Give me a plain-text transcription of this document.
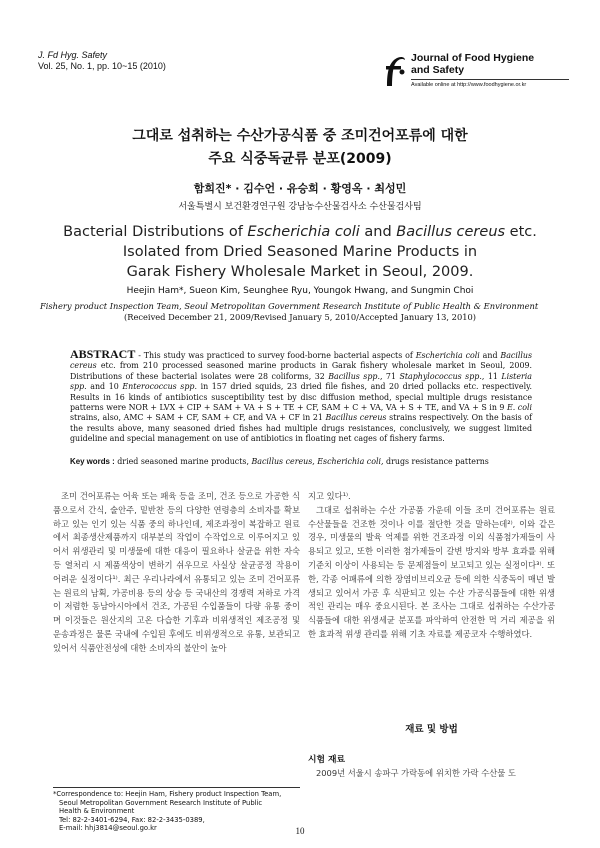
J. Fd Hyg. Safety
Vol. 25, No. 1, pp. 10~15 (2010)
Journal of Food Hygiene
and Safety
Available online at http://www.foodhygiene.or.kr
그대로 섭취하는 수산가공식품 중 조미건어포류에 대한
주요 식중독균류 분포(2009)
함희진* · 김수언 · 유승희 · 황영옥 · 최성민
서울특별시 보건환경연구원 강남농수산물검사소 수산물검사팀
Bacterial Distributions of Escherichia coli and Bacillus cereus etc.
Isolated from Dried Seasoned Marine Products in
Garak Fishery Wholesale Market in Seoul, 2009.
Heejin Ham*, Sueon Kim, Seunghee Ryu, Youngok Hwang, and Sungmin Choi
Fishery product Inspection Team, Seoul Metropolitan Government Research Institute of Public Health & Environment
(Received December 21, 2009/Revised January 5, 2010/Accepted January 13, 2010)
ABSTRACT - This study was practiced to survey food-borne bacterial aspects of Escherichia coli and Bacillus cereus etc. from 210 processed seasoned marine products in Garak fishery wholesale market in Seoul, 2009. Distributions of these bacterial isolates were 28 coliforms, 32 Bacillus spp., 71 Staphylococcus spp., 11 Listeria spp. and 10 Enterococcus spp. in 157 dried squids, 23 dried file fishes, and 20 dried pollacks etc. respectively. Results in 16 kinds of antibiotics susceptibility test by disc diffusion method, special multiple drugs resistance patterns were NOR + LVX + CIP + SAM + VA + S + TE + CF, SAM + C + VA, VA + S + TE, and VA + S in 9 E. coli strains, also, AMC + SAM + CF, SAM + CF, and VA + CF in 21 Bacillus cereus strains respectively. On the basis of the results above, many seasoned dried fishes had multiple drugs resistances, conclusively, we suggest limited guideline and special management on use of antibiotics in floating net cages of fishery farms.
Key words : dried seasoned marine products, Bacillus cereus, Escherichia coli, drugs resistance patterns

조미 건어포류는 어육 또는 패육 등을 조미, 건조 등으로 가공한 식품으로서 간식, 술안주, 밑반찬 등의 다양한 연령층의 소비자를 확보하고 있는 인기 있는 식품 중의 하나인데, 제조과정이 복잡하고 원료에서 최종생산제품까지 대부분의 작업이 수작업으로 이루어지고 있어서 위생관리 및 미생물에 대한 대응이 필요하나 살균을 위한 자숙 등 열처리 시 제품색상이 변하기 쉬우므로 사실상 살균공정 작용이 어려운 실정이다¹⁾. 최근 우리나라에서 유통되고 있는 조미 건어포류는 원료의 남획, 가공비용 등의 상승 등 국내산의 경쟁력 저하로 가격이 저렴한 동남아시아에서 건조, 가공된 수입품들이 다량 유통 중이며 이것들은 원산지의 고온 다습한 기후과 비위생적인 제조공정 및 운송과정은 물론 국내에 수입된 후에도 비위생적으로 유통, 보관되고 있어서 식품안전성에 대한 소비자의 불안이 높아

지고 있다¹⁾.

그대로 섭취하는 수산 가공품 가운데 이들 조미 건어포류는 원료 수산물들을 건조한 것이나 이를 절단한 것을 말하는데²⁾, 이와 같은 경우, 미생물의 발육 억제를 위한 건조과정 이외 식품첨가제들이 사용되고 있고, 또한 이러한 첨가제들이 갈변 방지와 방부 효과를 위해 기준치 이상이 사용되는 등 문제점들이 보고되고 있는 실정이다³⁾. 또한, 각종 어패류에 의한 장염비브리오균 등에 의한 식중독이 매년 발생되고 있어서 가공 후 식판되고 있는 수산 가공식품들에 대한 위생적인 관리는 매우 중요시된다. 본 조사는 그대로 섭취하는 수산가공식품들에 대한 위생세균 분포를 파악하여 안전한 먹 거리 제공을 위한 효과적 위생 관리를 위해 기초 자료를 제공코자 수행하였다.

재료 및 방법
시험 재료
2009년 서울시 송파구 가락동에 위치한 가락 수산물 도
*Correspondence to: Heejin Ham, Fishery product Inspection Team,
Seoul Metropolitan Government Research Institute of Public
Health & Environment
Tel: 82-2-3401-6294, Fax: 82-2-3435-0389,
E-mail: hhj3814@seoul.go.kr	10
